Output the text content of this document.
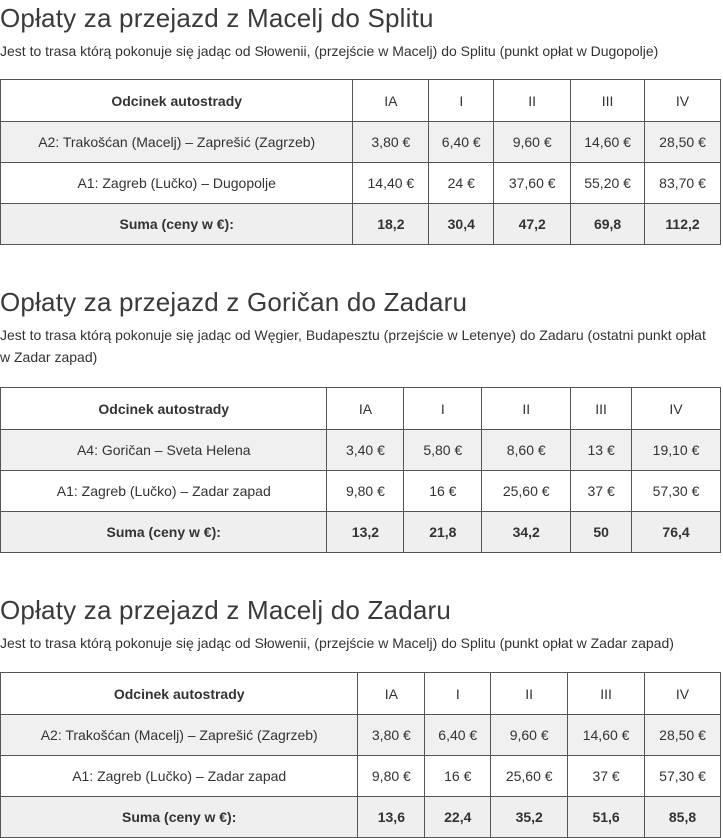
Opłaty za przejazd z Macelj do Splitu

Jest to trasa którą pokonuje się jadąc od Słowenii, (przejście w Macelj) do Splitu (punkt opłat w Dugopolje)

Odcinek autostrady	IA	I	II	III	IV
A2: Trakošćan (Macelj) – Zaprešić (Zagrzeb)	3,80 €	6,40 €	9,60 €	14,60 €	28,50 €
A1: Zagreb (Lučko) – Dugopolje	14,40 €	24 €	37,60 €	55,20 €	83,70 €
Suma (ceny w €):	18,2	30,4	47,2	69,8	112,2
Opłaty za przejazd z Goričan do Zadaru

Jest to trasa którą pokonuje się jadąc od Węgier, Budapesztu (przejście w Letenye) do Zadaru (ostatni punkt opłat w Zadar zapad)

Odcinek autostrady	IA	I	II	III	IV
A4: Goričan – Sveta Helena	3,40 €	5,80 €	8,60 €	13 €	19,10 €
A1: Zagreb (Lučko) – Zadar zapad	9,80 €	16 €	25,60 €	37 €	57,30 €
Suma (ceny w €):	13,2	21,8	34,2	50	76,4
Opłaty za przejazd z Macelj do Zadaru

Jest to trasa którą pokonuje się jadąc od Słowenii, (przejście w Macelj) do Splitu (punkt opłat w Zadar zapad)

Odcinek autostrady	IA	I	II	III	IV
A2: Trakošćan (Macelj) – Zaprešić (Zagrzeb)	3,80 €	6,40 €	9,60 €	14,60 €	28,50 €
A1: Zagreb (Lučko) – Zadar zapad	9,80 €	16 €	25,60 €	37 €	57,30 €
Suma (ceny w €):	13,6	22,4	35,2	51,6	85,8
